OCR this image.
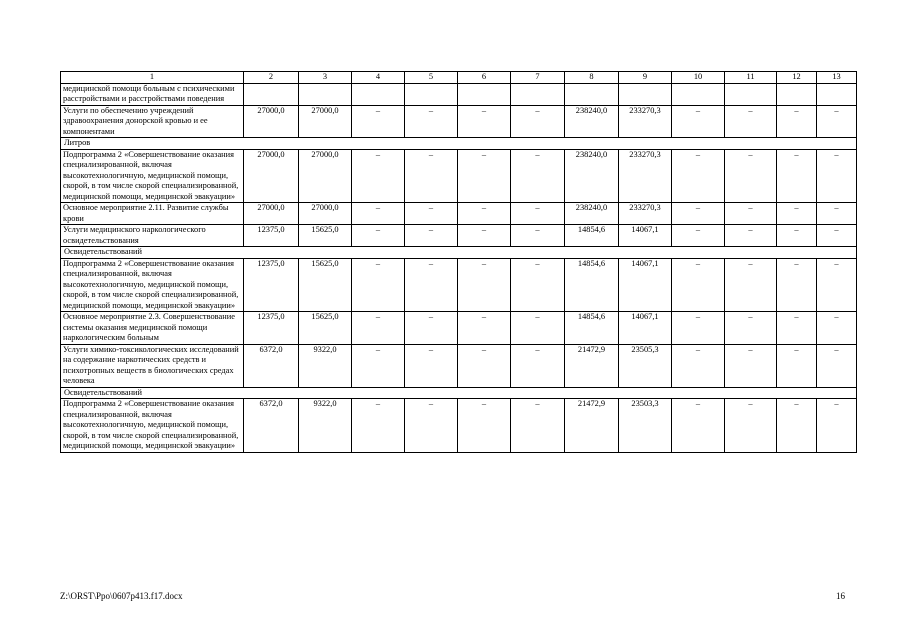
1	2	3	4	5	6	7	8	9	10	11	12	13
медицинской помощи больным с психическими расстройствами и расстройствами поведения												
Услуги по обеспечению учреждений здравоохранения донорской кровью и ее компонентами	27000,0	27000,0	–	–	–	–	238240,0	233270,3	–	–	–	–
Литров												
Подпрограмма 2 «Совершенствование оказания специализированной, включая высокотехнологичную, медицинской помощи, скорой, в том числе скорой специализированной, медицинской помощи, медицинской эвакуации»	27000,0	27000,0	–	–	–	–	238240,0	233270,3	–	–	–	–
Основное мероприятие 2.11. Развитие службы крови	27000,0	27000,0	–	–	–	–	238240,0	233270,3	–	–	–	–
Услуги медицинского наркологического освидетельствования	12375,0	15625,0	–	–	–	–	14854,6	14067,1	–	–	–	–
Освидетельствований												
Подпрограмма 2 «Совершенствование оказания специализированной, включая высокотехнологичную, медицинской помощи, скорой, в том числе скорой специализированной, медицинской помощи, медицинской эвакуации»	12375,0	15625,0	–	–	–	–	14854,6	14067,1	–	–	–	–
Основное мероприятие 2.3. Совершенствование системы оказания медицинской помощи наркологическим больным	12375,0	15625,0	–	–	–	–	14854,6	14067,1	–	–	–	–
Услуги химико-токсикологических исследований на содержание наркотических средств и психотропных веществ в биологических средах человека	6372,0	9322,0	–	–	–	–	21472,9	23505,3	–	–	–	–
Освидетельствований												
Подпрограмма 2 «Совершенствование оказания специализированной, включая высокотехнологичную, медицинской помощи, скорой, в том числе скорой специализированной, медицинской помощи, медицинской эвакуации»	6372,0	9322,0	–	–	–	–	21472,9	23503,3	–	–	–	–
Z:\ORST\Ppo\0607p413.f17.docx	16
